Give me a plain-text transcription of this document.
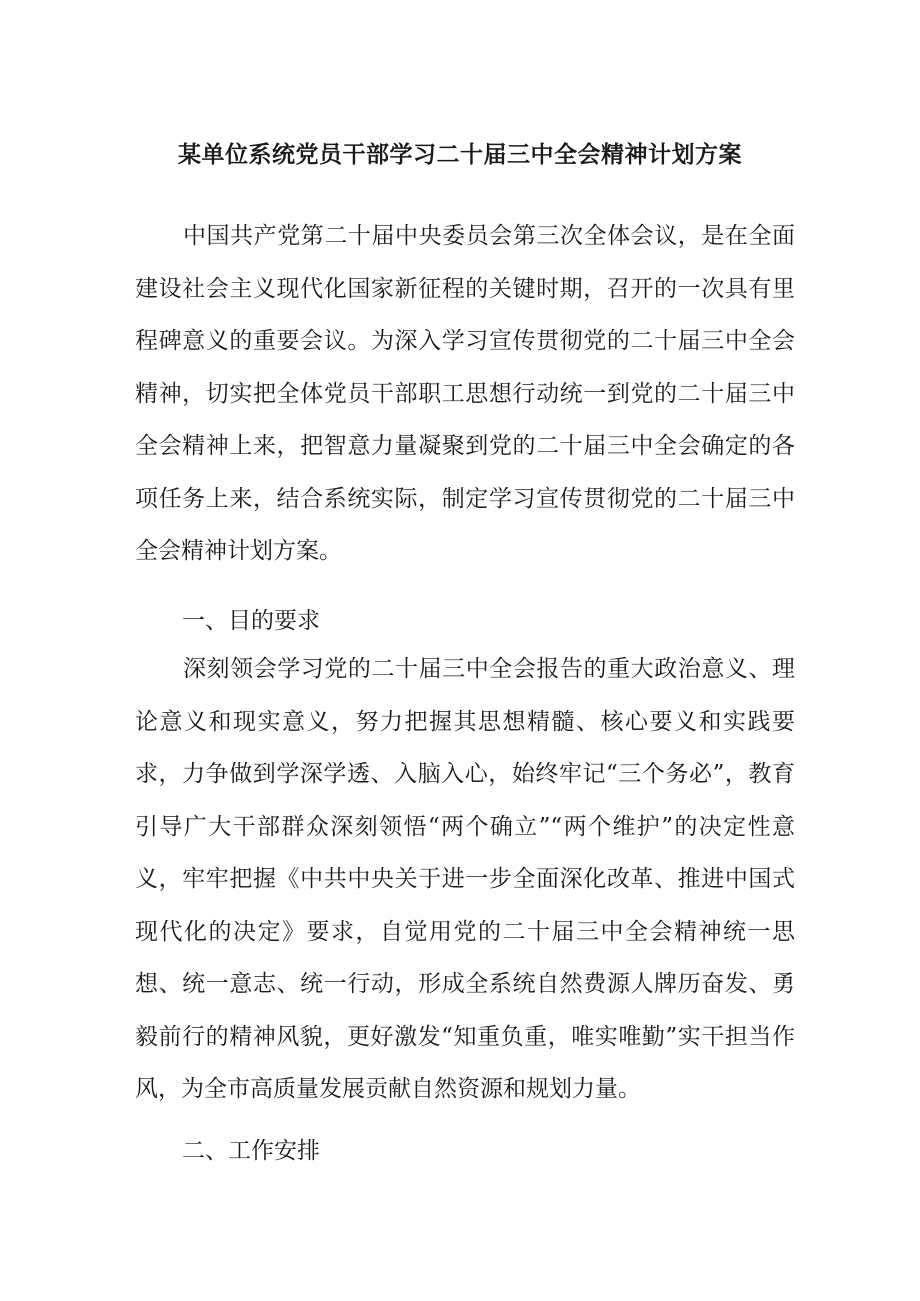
某单位系统党员干部学习二十届三中全会精神计划方案

中国共产党第二十届中央委员会第三次全体会议，是在全面建设社会主义现代化国家新征程的关键时期，召开的一次具有里程碑意义的重要会议。为深入学习宣传贯彻党的二十届三中全会精神，切实把全体党员干部职工思想行动统一到党的二十届三中全会精神上来，把智意力量凝聚到党的二十届三中全会确定的各项任务上来，结合系统实际，制定学习宣传贯彻党的二十届三中全会精神计划方案。

一、目的要求

深刻领会学习党的二十届三中全会报告的重大政治意义、理论意义和现实意义，努力把握其思想精髓、核心要义和实践要求，力争做到学深学透、入脑入心，始终牢记“三个务必”，教育引导广大干部群众深刻领悟“两个确立”“两个维护”的决定性意义，牢牢把握《中共中央关于进一步全面深化改革、推进中国式现代化的决定》要求，自觉用党的二十届三中全会精神统一思想、统一意志、统一行动，形成全系统自然费源人牌历奋发、勇毅前行的精神风貌，更好激发“知重负重，唯实唯勤”实干担当作风，为全市高质量发展贡献自然资源和规划力量。

二、工作安排
